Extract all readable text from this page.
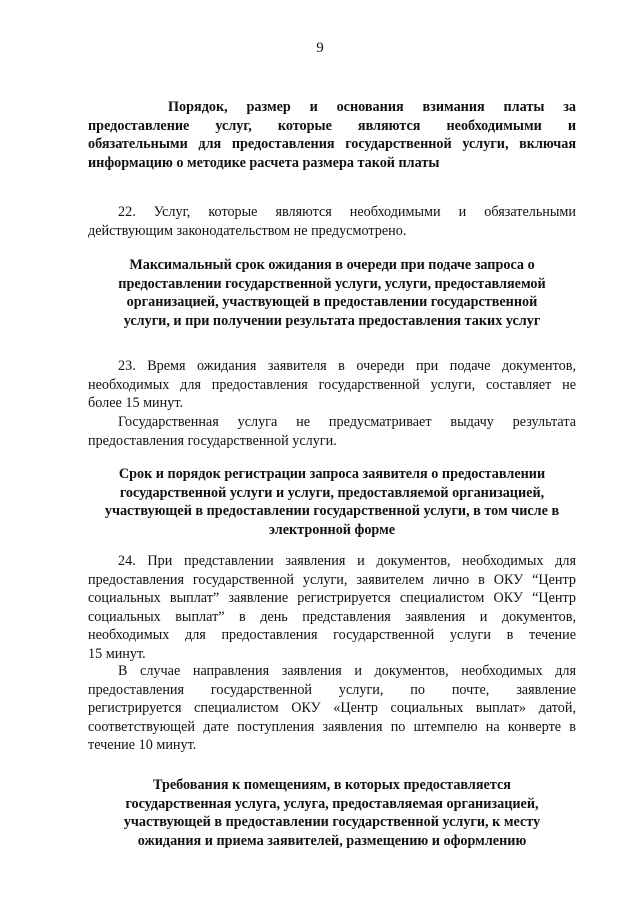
9
Порядок, размер и основания взимания платы за
предоставление услуг, которые являются необходимыми и
обязательными для предоставления государственной услуги, включая
информацию о методике расчета размера такой платы
22. Услуг, которые являются необходимыми и обязательными
действующим законодательством не предусмотрено.
Максимальный срок ожидания в очереди при подаче запроса о
предоставлении государственной услуги, услуги, предоставляемой
организацией, участвующей в предоставлении государственной
услуги, и при получении результата предоставления таких услуг
23. Время ожидания заявителя в очереди при подаче документов,
необходимых для предоставления государственной услуги, составляет не
более 15 минут.
Государственная услуга не предусматривает выдачу результата
предоставления государственной услуги.
Срок и порядок регистрации запроса заявителя о предоставлении
государственной услуги и услуги, предоставляемой организацией,
участвующей в предоставлении государственной услуги, в том числе в
электронной форме
24. При представлении заявления и документов, необходимых для
предоставления государственной услуги, заявителем лично в ОКУ “Центр
социальных выплат” заявление регистрируется специалистом ОКУ “Центр
социальных выплат” в день представления заявления и документов,
необходимых для предоставления государственной услуги в течение
15 минут.
В случае направления заявления и документов, необходимых для
предоставления государственной услуги, по почте, заявление
регистрируется специалистом ОКУ «Центр социальных выплат» датой,
соответствующей дате поступления заявления по штемпелю на конверте в
течение 10 минут.
Требования к помещениям, в которых предоставляется
государственная услуга, услуга, предоставляемая организацией,
участвующей в предоставлении государственной услуги, к месту
ожидания и приема заявителей, размещению и оформлению
